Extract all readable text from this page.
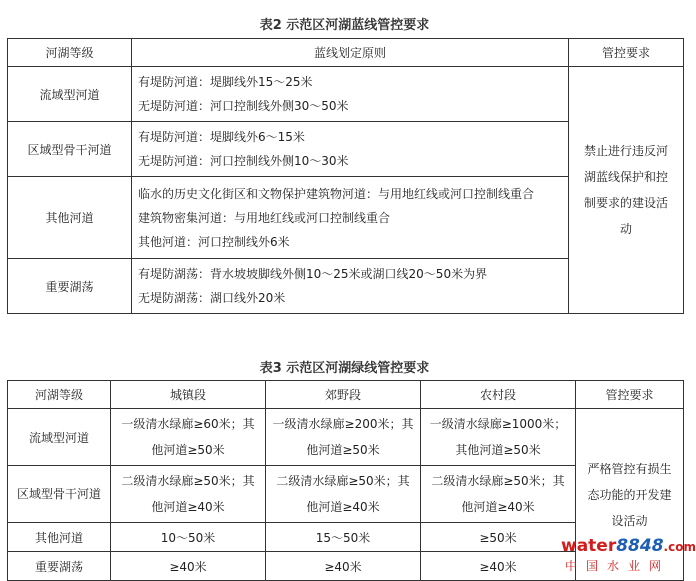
表2 示范区河湖蓝线管控要求
河湖等级	蓝线划定原则	管控要求
流域型河道	有堤防河道：堤脚线外15～25米
无堤防河道：河口控制线外侧30～50米	禁止进行违反河湖蓝线保护和控制要求的建设活动

区域型骨干河道	有堤防河道：堤脚线外6～15米
无堤防河道：河口控制线外侧10～30米	

其他河道	临水的历史文化街区和文物保护建筑物河道：与用地红线或河口控制线重合
建筑物密集河道：与用地红线或河口控制线重合
其他河道：河口控制线外6米	

重要湖荡	有堤防湖荡：背水坡坡脚线外侧10～25米或湖口线20～50米为界
无堤防湖荡：湖口线外20米	
表3 示范区河湖绿线管控要求
河湖等级	城镇段	郊野段	农村段	管控要求
流域型河道	一级清水绿廊≥60米；其他河道≥50米	一级清水绿廊≥200米；其他河道≥50米	一级清水绿廊≥1000米；其他河道≥50米	严格管控有损生态功能的开发建设活动

区域型骨干河道	二级清水绿廊≥50米；其他河道≥40米	二级清水绿廊≥50米；其他河道≥40米	二级清水绿廊≥50米；其他河道≥40米	
其他河道	10～50米	15～50米	≥50米	
重要湖荡	≥40米	≥40米	≥40米	
water8848.com
中国水业网
